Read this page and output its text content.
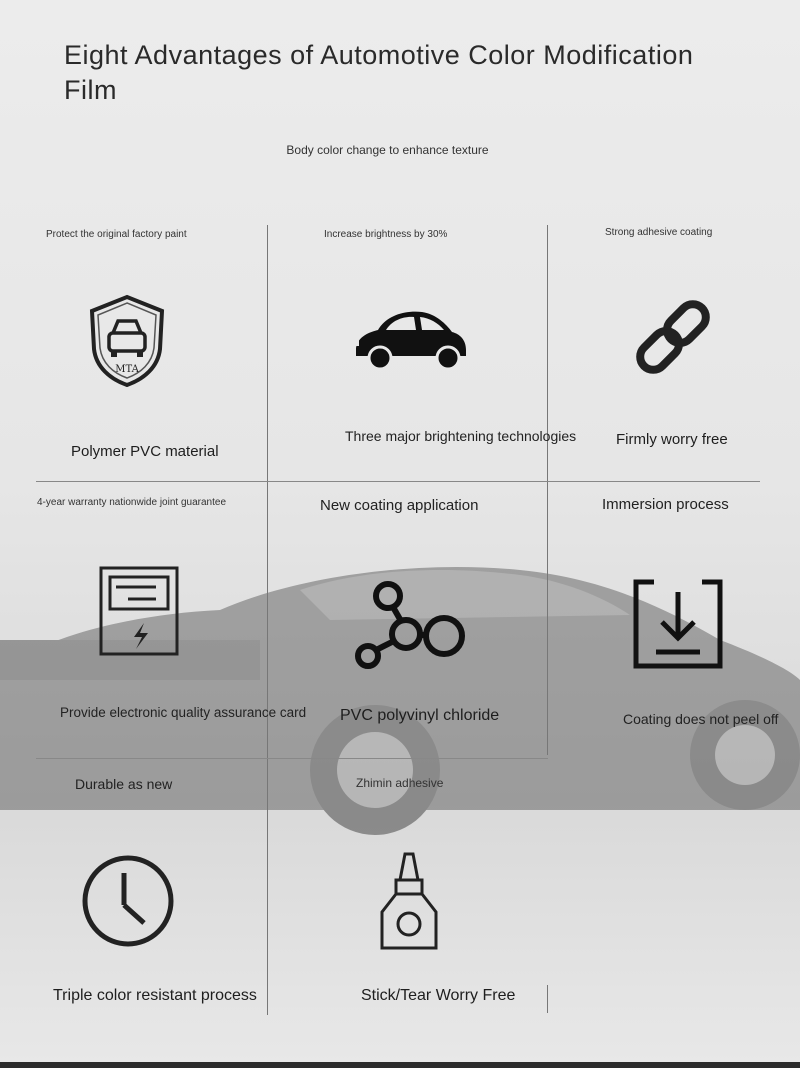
Eight Advantages of Automotive Color Modification Film
Body color change to enhance texture
Protect the original factory paint
MTA
Polymer PVC material
Increase brightness by 30%
Three major brightening technologies
Strong adhesive coating
Firmly worry free
4-year warranty nationwide joint guarantee
Provide electronic quality assurance card
New coating application
PVC polyvinyl chloride
Immersion process
Coating does not peel off
Durable as new
Triple color resistant process
Zhimin adhesive
Stick/Tear Worry Free
